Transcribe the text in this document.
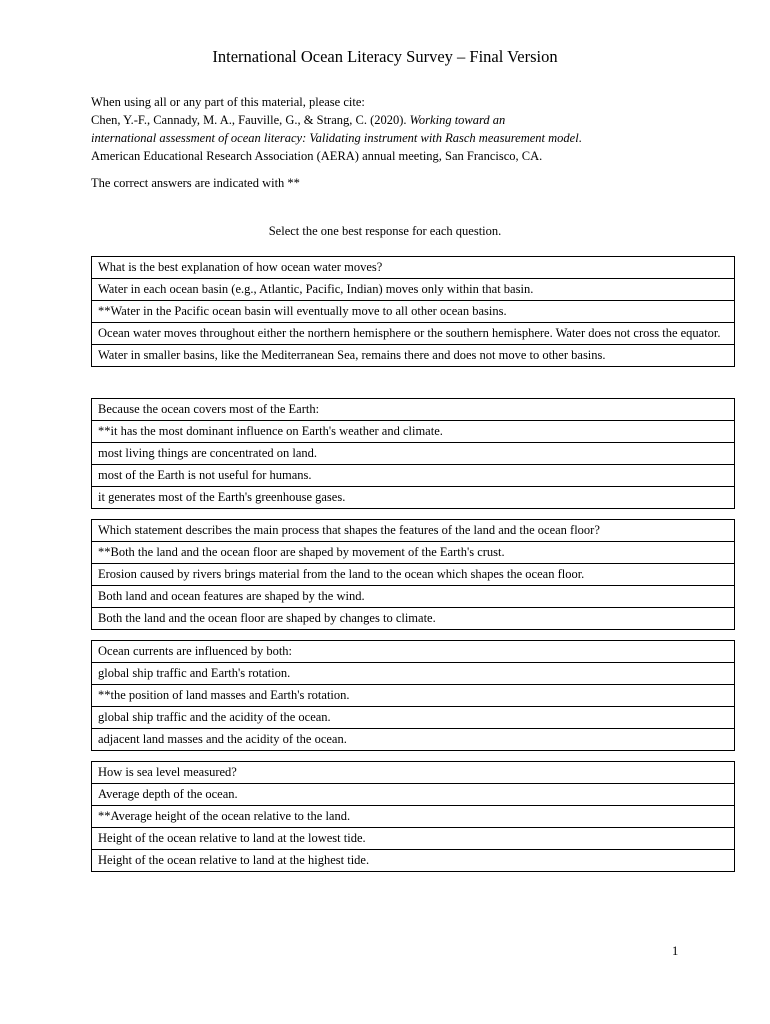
International Ocean Literacy Survey – Final Version

When using all or any part of this material, please cite:

Chen, Y.-F., Cannady, M. A., Fauville, G., & Strang, C. (2020). Working toward an

international assessment of ocean literacy: Validating instrument with Rasch measurement model.

American Educational Research Association (AERA) annual meeting, San Francisco, CA.

The correct answers are indicated with **
Select the one best response for each question.
What is the best explanation of how ocean water moves?
Water in each ocean basin (e.g., Atlantic, Pacific, Indian) moves only within that basin.
**Water in the Pacific ocean basin will eventually move to all other ocean basins.
Ocean water moves throughout either the northern hemisphere or the southern hemisphere. Water does not cross the equator.
Water in smaller basins, like the Mediterranean Sea, remains there and does not move to other basins.
Because the ocean covers most of the Earth:
**it has the most dominant influence on Earth's weather and climate.
most living things are concentrated on land.
most of the Earth is not useful for humans.
it generates most of the Earth's greenhouse gases.
Which statement describes the main process that shapes the features of the land and the ocean floor?
**Both the land and the ocean floor are shaped by movement of the Earth's crust.
Erosion caused by rivers brings material from the land to the ocean which shapes the ocean floor.
Both land and ocean features are shaped by the wind.
Both the land and the ocean floor are shaped by changes to climate.
Ocean currents are influenced by both:
global ship traffic and Earth's rotation.
**the position of land masses and Earth's rotation.
global ship traffic and the acidity of the ocean.
adjacent land masses and the acidity of the ocean.
How is sea level measured?
Average depth of the ocean.
**Average height of the ocean relative to the land.
Height of the ocean relative to land at the lowest tide.
Height of the ocean relative to land at the highest tide.
1
